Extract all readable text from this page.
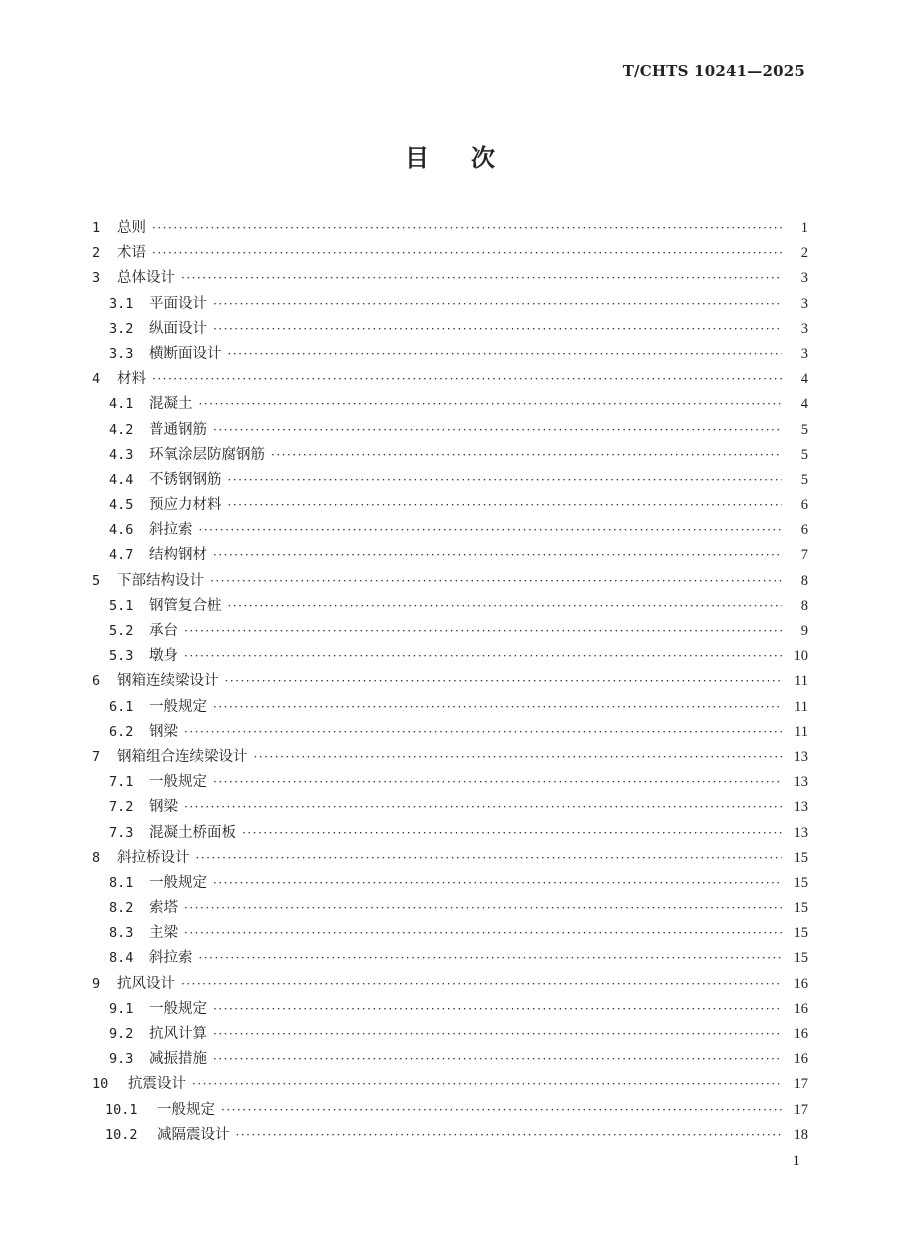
T/CHTS 10241—2025
目次
1	总则 ·····	1
2	术语 ·····	2
3	总体设计 ·····	3
3.1	平面设计 ·····	3
3.2	纵面设计 ·····	3
3.3	横断面设计 ·····	3
4	材料 ·····	4
4.1	混凝土 ·····	4
4.2	普通钢筋 ·····	5
4.3	环氧涂层防腐钢筋 ·····	5
4.4	不锈钢钢筋 ·····	5
4.5	预应力材料 ·····	6
4.6	斜拉索 ·····	6
4.7	结构钢材 ·····	7
5	下部结构设计 ·····	8
5.1	钢管复合桩 ·····	8
5.2	承台 ·····	9
5.3	墩身 ·····	10
6	钢箱连续梁设计 ·····	11
6.1	一般规定 ·····	11
6.2	钢梁 ·····	11
7	钢箱组合连续梁设计 ·····	13
7.1	一般规定 ·····	13
7.2	钢梁 ·····	13
7.3	混凝土桥面板 ·····	13
8	斜拉桥设计 ·····	15
8.1	一般规定 ·····	15
8.2	索塔 ·····	15
8.3	主梁 ·····	15
8.4	斜拉索 ·····	15
9	抗风设计 ·····	16
9.1	一般规定 ·····	16
9.2	抗风计算 ·····	16
9.3	减振措施 ·····	16
10	抗震设计 ·····	17
10.1	一般规定 ·····	17
10.2	减隔震设计 ·····	18
1
